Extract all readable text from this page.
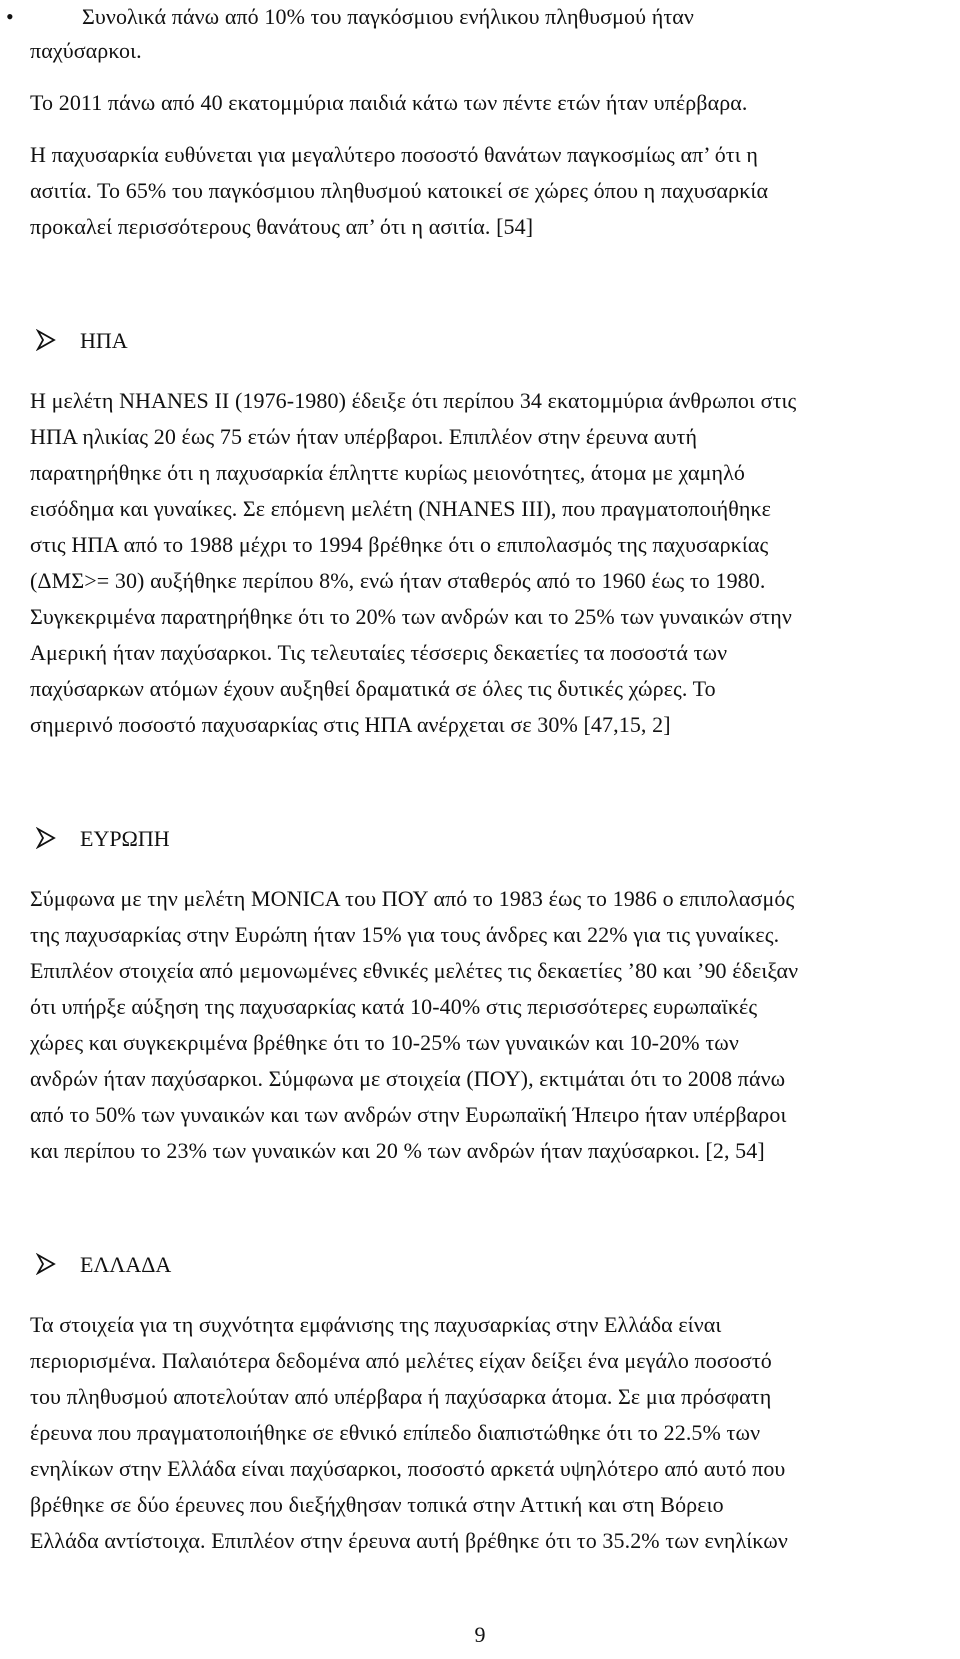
•	Συνολικά πάνω από 10% του παγκόσμιου ενήλικου πληθυσμού ήταν
παχύσαρκοι.
Το 2011 πάνω από 40 εκατομμύρια παιδιά κάτω των πέντε ετών ήταν υπέρβαρα.
Η παχυσαρκία ευθύνεται για μεγαλύτερο ποσοστό θανάτων παγκοσμίως απ’ ότι η
ασιτία. Το 65% του παγκόσμιου πληθυσμού κατοικεί σε χώρες όπου η παχυσαρκία
προκαλεί περισσότερους θανάτους απ’ ότι η ασιτία. [54]
ΗΠΑ
Η μελέτη NHANES II (1976-1980) έδειξε ότι περίπου 34 εκατομμύρια άνθρωποι στις
ΗΠΑ ηλικίας 20 έως 75 ετών ήταν υπέρβαροι. Επιπλέον στην έρευνα αυτή
παρατηρήθηκε ότι η παχυσαρκία έπληττε κυρίως μειονότητες, άτομα με χαμηλό
εισόδημα και γυναίκες. Σε επόμενη μελέτη (NHANES III), που πραγματοποιήθηκε
στις ΗΠΑ από το 1988 μέχρι το 1994 βρέθηκε ότι ο επιπολασμός της παχυσαρκίας
(ΔΜΣ>= 30) αυξήθηκε περίπου 8%, ενώ ήταν σταθερός από το 1960 έως το 1980.
Συγκεκριμένα παρατηρήθηκε ότι το 20% των ανδρών και το 25% των γυναικών στην
Αμερική ήταν παχύσαρκοι. Τις τελευταίες τέσσερις δεκαετίες τα ποσοστά των
παχύσαρκων ατόμων έχουν αυξηθεί δραματικά σε όλες τις δυτικές χώρες. Το
σημερινό ποσοστό παχυσαρκίας στις ΗΠΑ ανέρχεται σε 30% [47,15, 2]
ΕΥΡΩΠΗ
Σύμφωνα με την μελέτη MONICA του ΠΟΥ από το 1983 έως το 1986 ο επιπολασμός
της παχυσαρκίας στην Ευρώπη ήταν 15% για τους άνδρες και 22% για τις γυναίκες.
Επιπλέον στοιχεία από μεμονωμένες εθνικές μελέτες τις δεκαετίες ’80 και ’90 έδειξαν
ότι υπήρξε αύξηση της παχυσαρκίας κατά 10-40% στις περισσότερες ευρωπαϊκές
χώρες και συγκεκριμένα βρέθηκε ότι το 10-25% των γυναικών και 10-20% των
ανδρών ήταν παχύσαρκοι. Σύμφωνα με στοιχεία (ΠΟΥ), εκτιμάται ότι το 2008 πάνω
από το 50% των γυναικών και των ανδρών στην Ευρωπαϊκή Ήπειρο ήταν υπέρβαροι
και περίπου το 23% των γυναικών και 20 % των ανδρών ήταν παχύσαρκοι. [2, 54]
ΕΛΛΑΔΑ
Τα στοιχεία για τη συχνότητα εμφάνισης της παχυσαρκίας στην Ελλάδα είναι
περιορισμένα. Παλαιότερα δεδομένα από μελέτες είχαν δείξει ένα μεγάλο ποσοστό
του πληθυσμού αποτελούταν από υπέρβαρα ή παχύσαρκα άτομα. Σε μια πρόσφατη
έρευνα που πραγματοποιήθηκε σε εθνικό επίπεδο διαπιστώθηκε ότι το 22.5% των
ενηλίκων στην Ελλάδα είναι παχύσαρκοι, ποσοστό αρκετά υψηλότερο από αυτό που
βρέθηκε σε δύο έρευνες που διεξήχθησαν τοπικά στην Αττική και στη Βόρειο
Ελλάδα αντίστοιχα. Επιπλέον στην έρευνα αυτή βρέθηκε ότι το 35.2% των ενηλίκων
9
